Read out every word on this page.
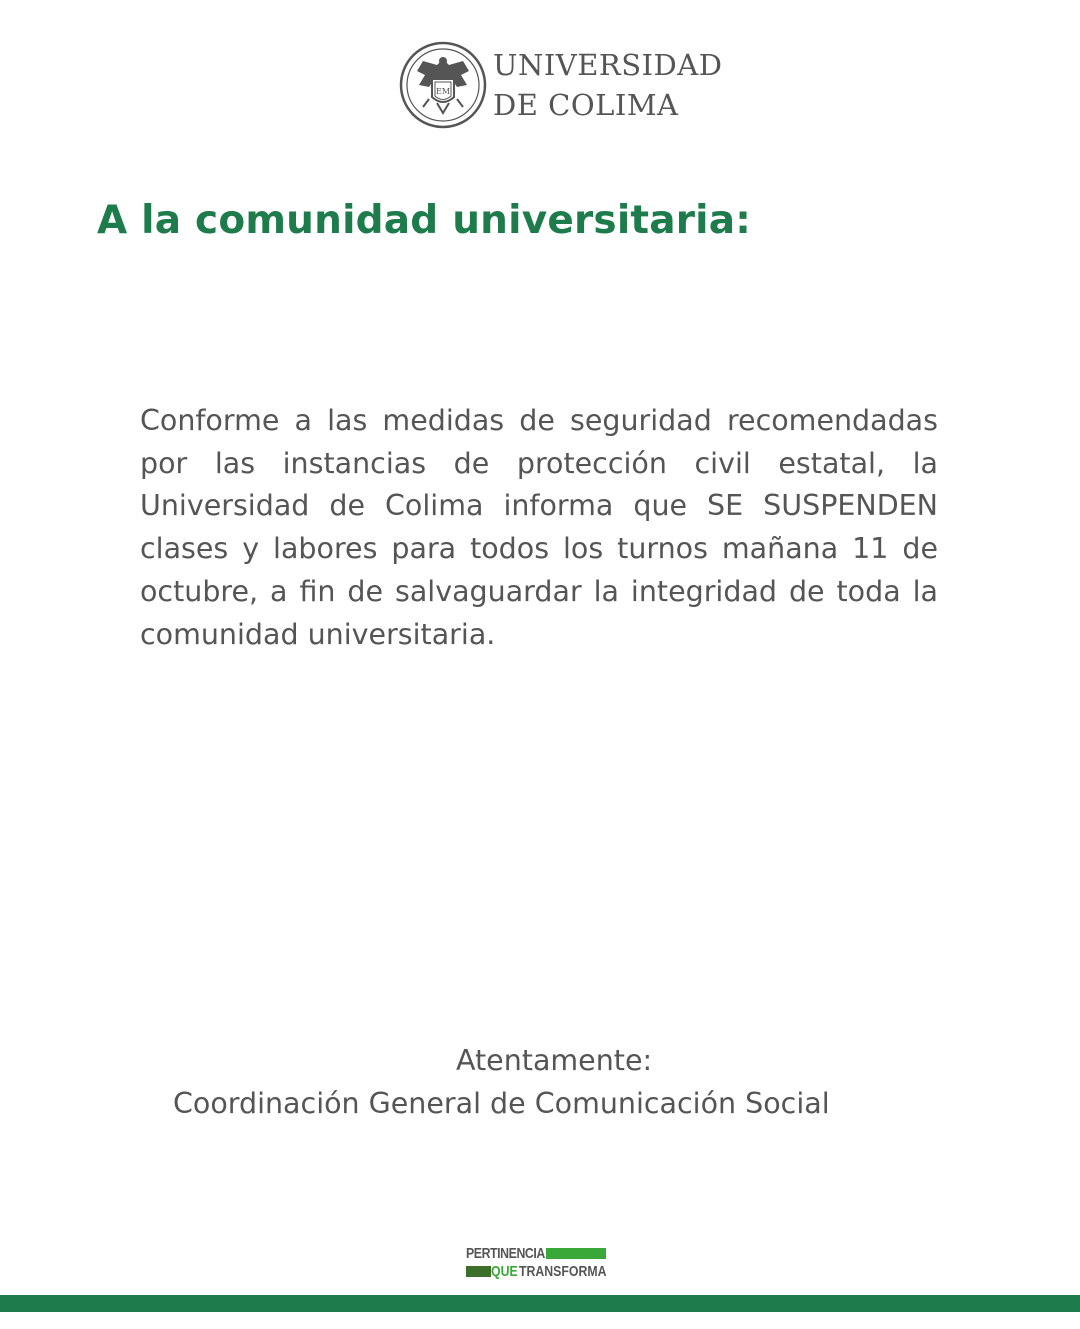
EM
UNIVERSIDAD
DE COLIMA
A la comunidad universitaria:

Conforme a las medidas de seguridad recomendadas por las instancias de protección civil estatal, la Universidad de Colima informa que SE SUSPENDEN clases y labores para todos los turnos mañana 11 de octubre, a fin de salvaguardar la integridad de toda la comunidad universitaria.

Atentamente:

Coordinación General de Comunicación Social

PERTINENCIA
QUE TRANSFORMA
